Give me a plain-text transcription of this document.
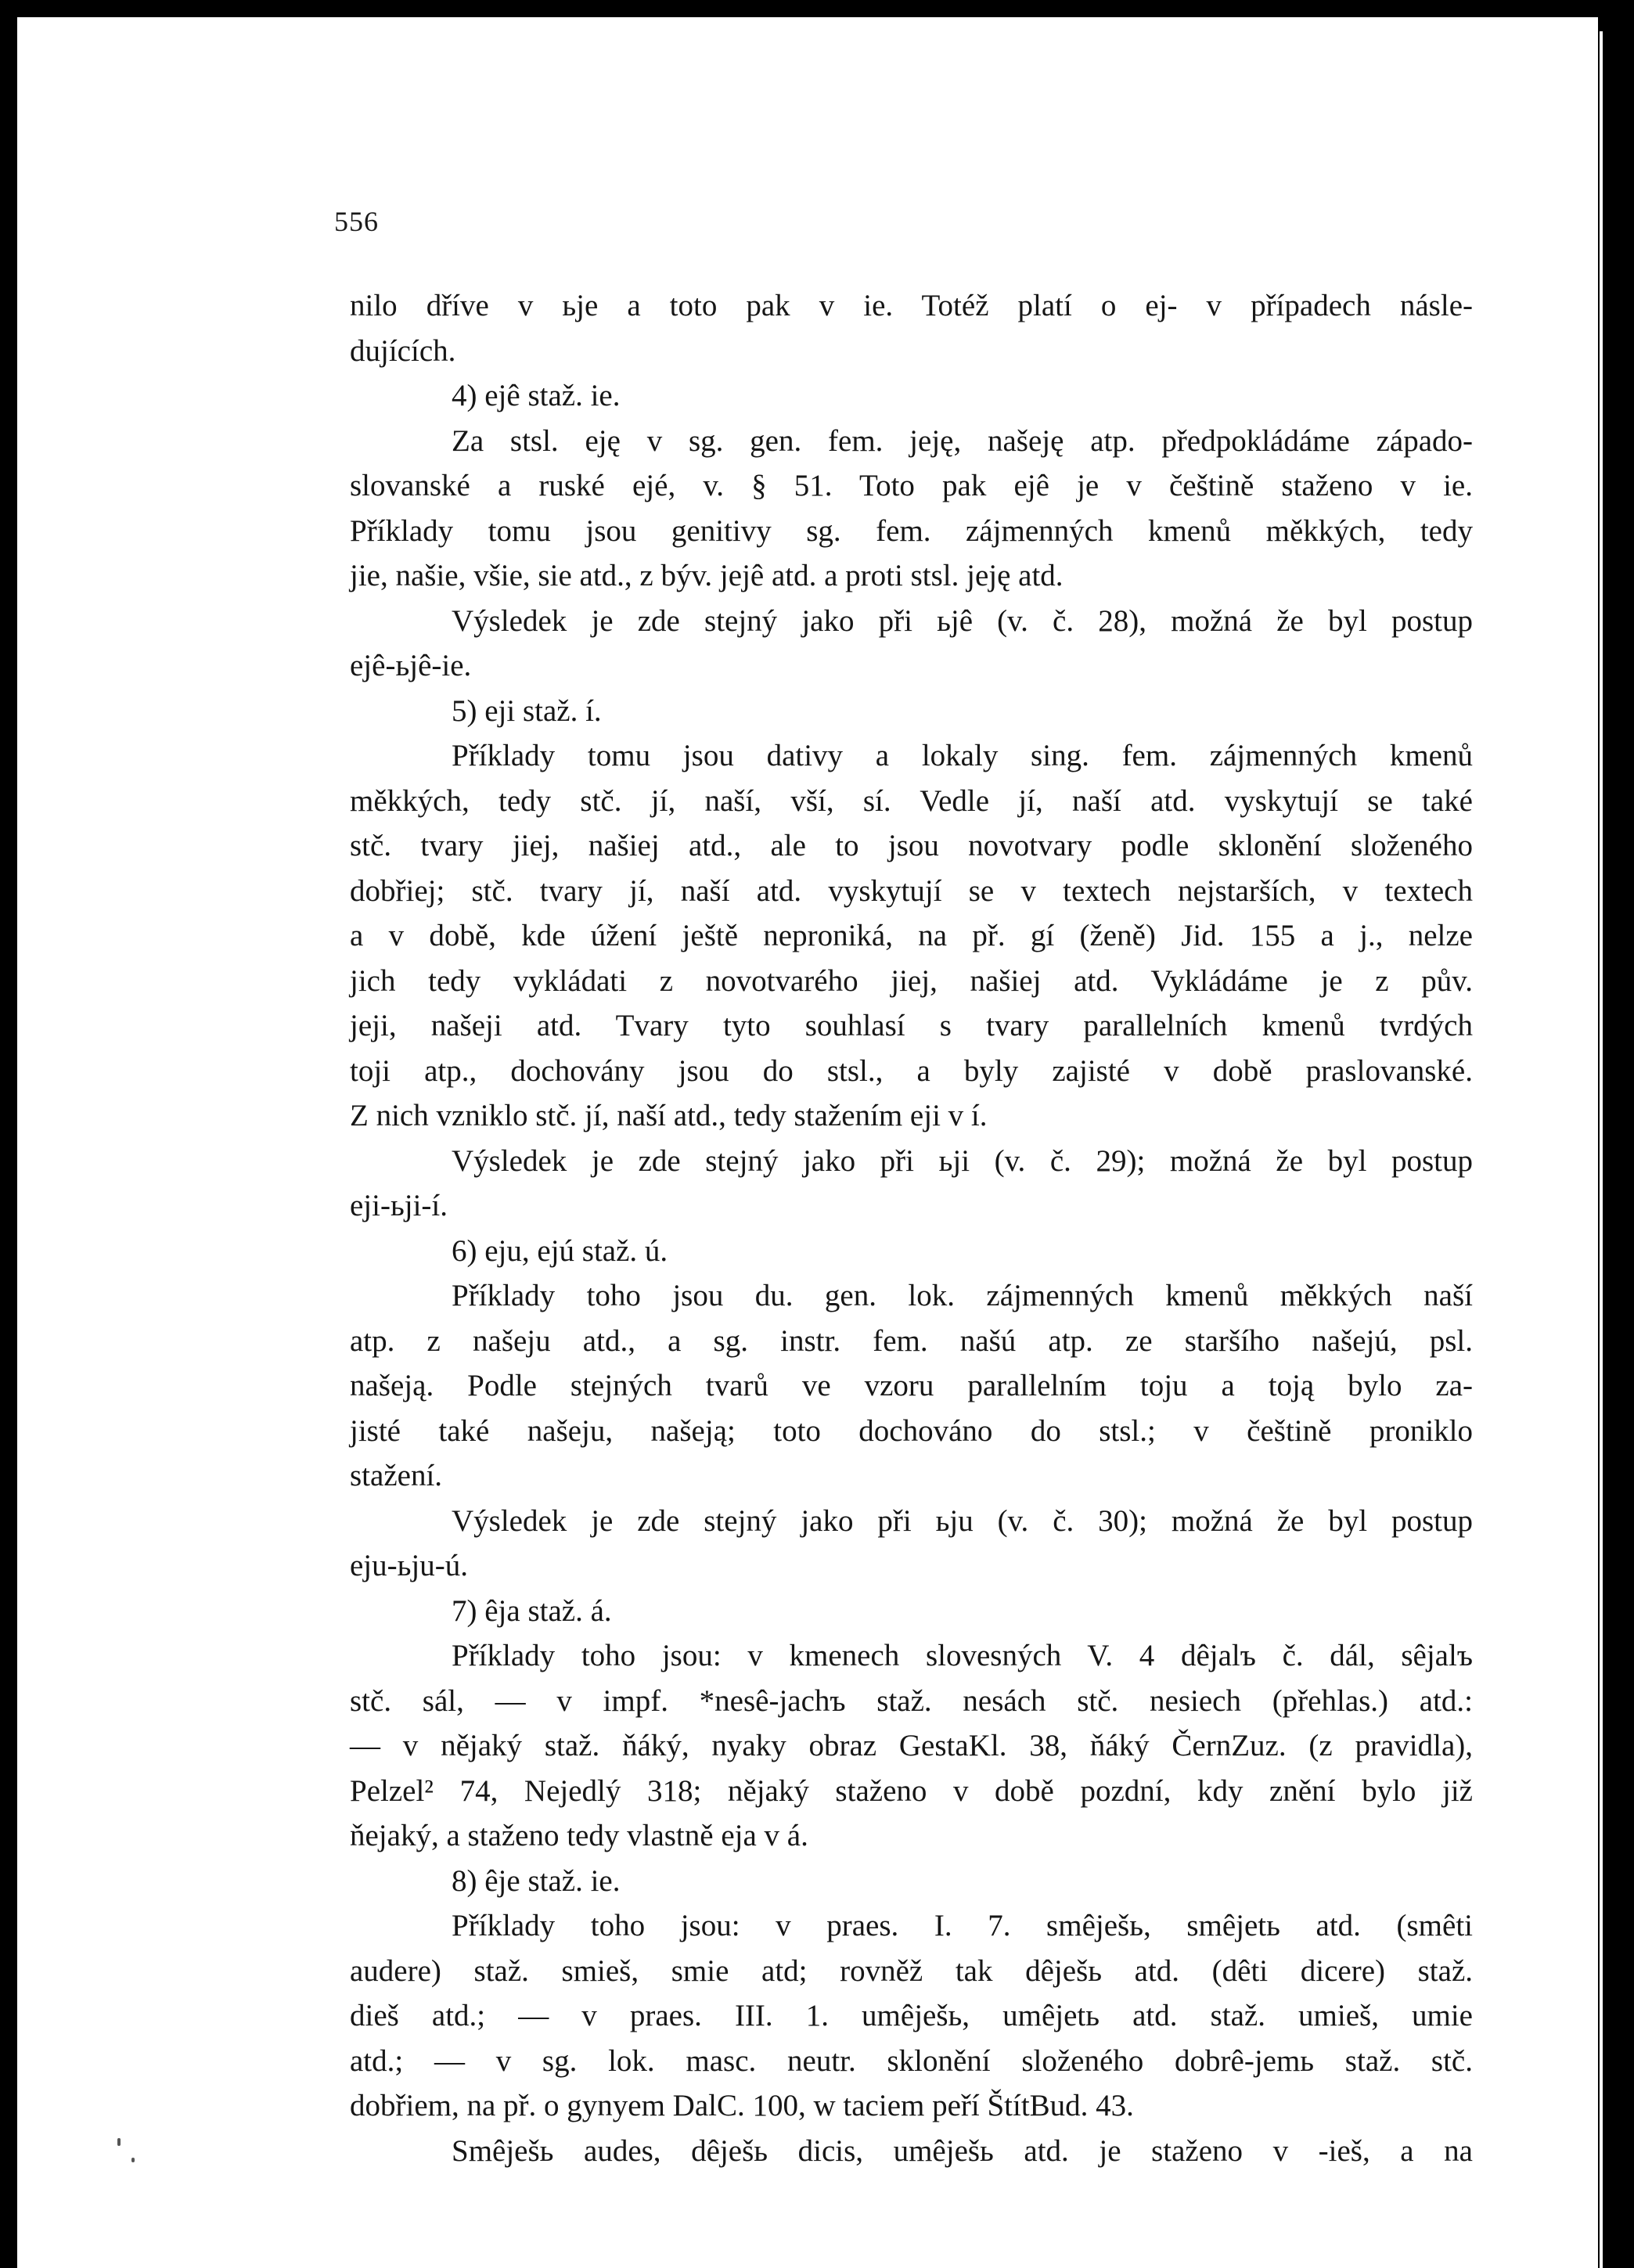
556
nilo dříve v ьje a toto pak v ie. Totéž platí o ej- v případech násle-
dujících.
4) ejê staž. ie.
Za stsl. eję v sg. gen. fem. jeję, našeję atp. předpokládáme západo-
slovanské a ruské ejé, v. § 51. Toto pak ejê je v češtině staženo v ie.
Příklady tomu jsou genitivy sg. fem. zájmenných kmenů měkkých, tedy
jie, našie, všie, sie atd., z býv. jejê atd. a proti stsl. jeję atd.
Výsledek je zde stejný jako při ьjê (v. č. 28), možná že byl postup
ejê-ьjê-ie.
5) eji staž. í.
Příklady tomu jsou dativy a lokaly sing. fem. zájmenných kmenů
měkkých, tedy stč. jí, naší, vší, sí. Vedle jí, naší atd. vyskytují se také
stč. tvary jiej, našiej atd., ale to jsou novotvary podle sklonění složeného
dobřiej; stč. tvary jí, naší atd. vyskytují se v textech nejstarších, v textech
a v době, kde úžení ještě neproniká, na př. gí (ženě) Jid. 155 a j., nelze
jich tedy vykládati z novotvarého jiej, našiej atd. Vykládáme je z pův.
jeji, našeji atd. Tvary tyto souhlasí s tvary parallelních kmenů tvrdých
toji atp., dochovány jsou do stsl., a byly zajisté v době praslovanské.
Z nich vzniklo stč. jí, naší atd., tedy stažením eji v í.
Výsledek je zde stejný jako při ьji (v. č. 29); možná že byl postup
eji-ьji-í.
6) eju, ejú staž. ú.
Příklady toho jsou du. gen. lok. zájmenných kmenů měkkých naší
atp. z našeju atd., a sg. instr. fem. našú atp. ze staršího našejú, psl.
našeją. Podle stejných tvarů ve vzoru parallelním toju a toją bylo za-
jisté také našeju, našeją; toto dochováno do stsl.; v češtině proniklo
stažení.
Výsledek je zde stejný jako při ьju (v. č. 30); možná že byl postup
eju-ьju-ú.
7) êja staž. á.
Příklady toho jsou: v kmenech slovesných V. 4 dêjalъ č. dál, sêjalъ
stč. sál, — v impf. *nesê-jachъ staž. nesách stč. nesiech (přehlas.) atd.:
— v nějaký staž. ňáký, nyaky obraz GestaKl. 38, ňáký ČernZuz. (z pravidla),
Pelzel² 74, Nejedlý 318; nějaký staženo v době pozdní, kdy znění bylo již
ňejaký, a staženo tedy vlastně eja v á.
8) êje staž. ie.
Příklady toho jsou: v praes. I. 7. smêješь, smêjetь atd. (smêti
audere) staž. smieš, smie atd; rovněž tak dêješь atd. (dêti dicere) staž.
dieš atd.; — v praes. III. 1. umêješь, umêjetь atd. staž. umieš, umie
atd.; — v sg. lok. masc. neutr. sklonění složeného dobrê-jemь staž. stč.
dobřiem, na př. o gynyem DalC. 100, w taciem peří ŠtítBud. 43.
Smêješь audes, dêješь dicis, umêješь atd. je staženo v -ieš, a na
